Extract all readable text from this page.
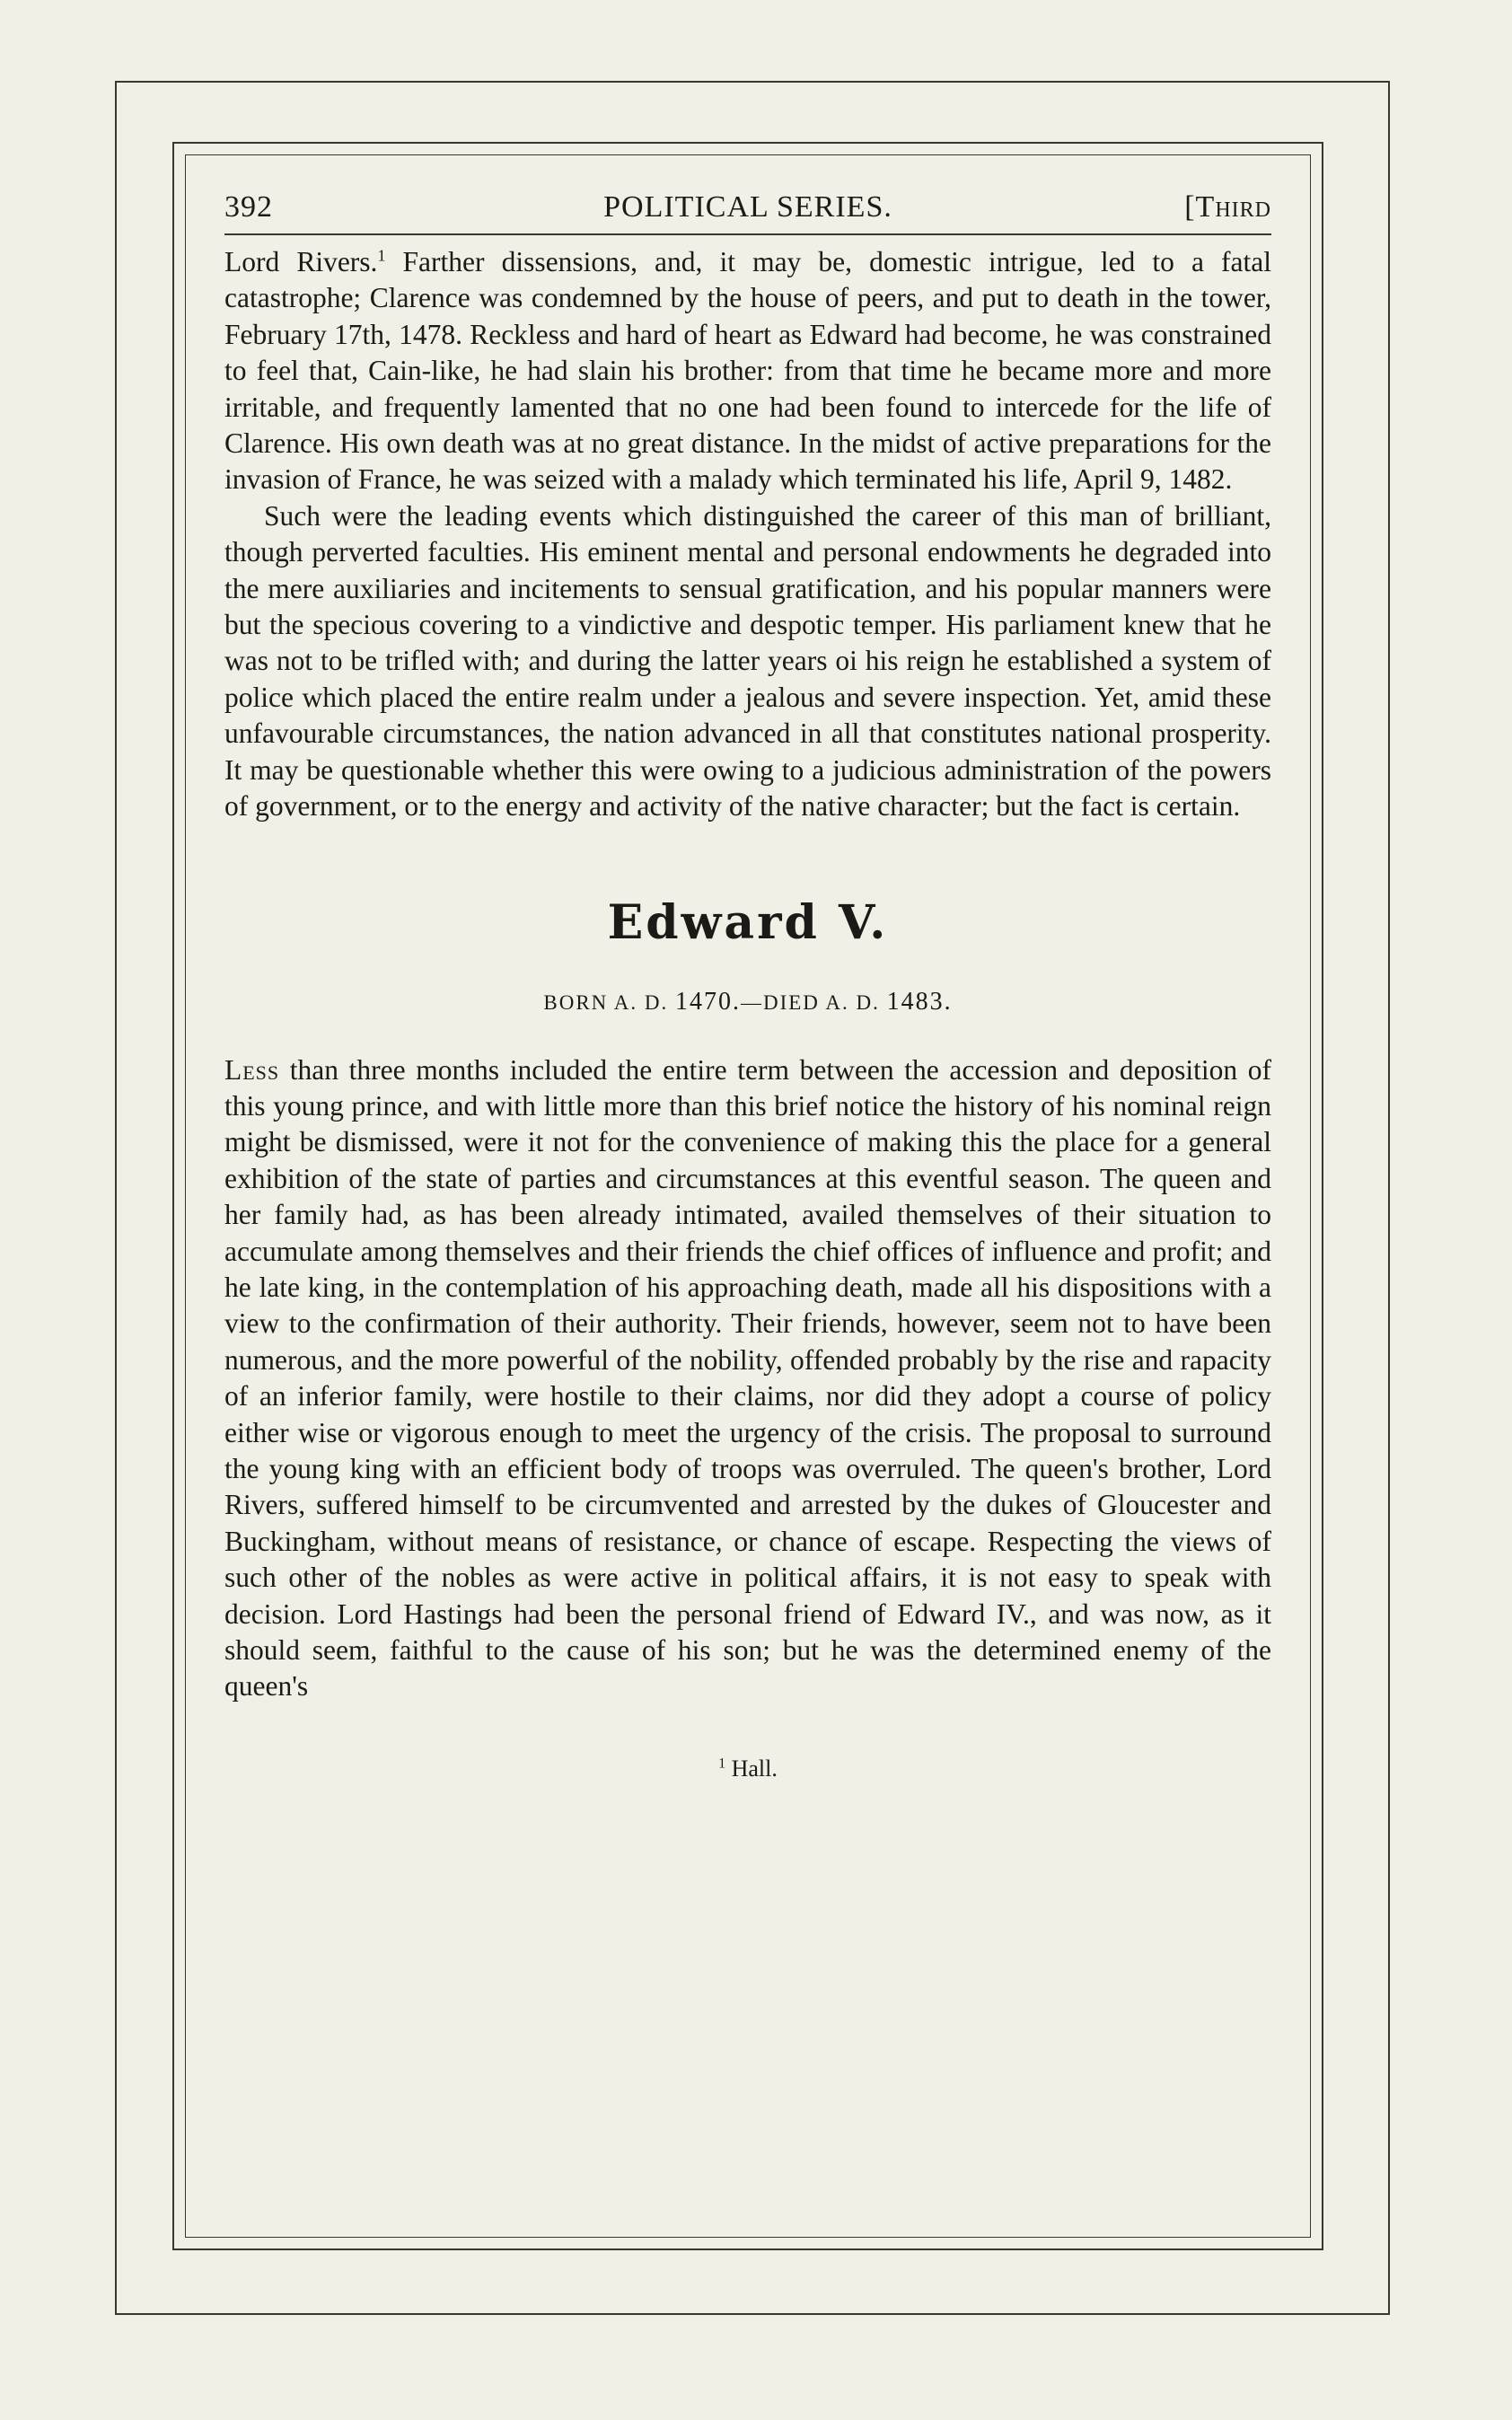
392	POLITICAL SERIES.	[Third

Lord Rivers.$^1$ Farther dissensions, and, it may be, domestic intrigue, led to a fatal catastrophe; Clarence was condemned by the house of peers, and put to death in the tower, February 17th, 1478. Reckless and hard of heart as Edward had become, he was constrained to feel that, Cain-like, he had slain his brother: from that time he became more and more irritable, and frequently lamented that no one had been found to intercede for the life of Clarence. His own death was at no great distance. In the midst of active preparations for the invasion of France, he was seized with a malady which terminated his life, April 9, 1482.

Such were the leading events which distinguished the career of this man of brilliant, though perverted faculties. His eminent mental and personal endowments he degraded into the mere auxiliaries and incitements to sensual gratification, and his popular manners were but the specious covering to a vindictive and despotic temper. His parliament knew that he was not to be trifled with; and during the latter years oi his reign he established a system of police which placed the entire realm under a jealous and severe inspection. Yet, amid these unfavourable circumstances, the nation advanced in all that constitutes national prosperity. It may be questionable whether this were owing to a judicious administration of the powers of government, or to the energy and activity of the native character; but the fact is certain.

Edward V.
BORN A. D. 1470.—DIED A. D. 1483.

Less than three months included the entire term between the accession and deposition of this young prince, and with little more than this brief notice the history of his nominal reign might be dismissed, were it not for the convenience of making this the place for a general exhibition of the state of parties and circumstances at this eventful season. The queen and her family had, as has been already intimated, availed themselves of their situation to accumulate among themselves and their friends the chief offices of influence and profit; and he late king, in the contemplation of his approaching death, made all his dispositions with a view to the confirmation of their authority. Their friends, however, seem not to have been numerous, and the more powerful of the nobility, offended probably by the rise and rapacity of an inferior family, were hostile to their claims, nor did they adopt a course of policy either wise or vigorous enough to meet the urgency of the crisis. The proposal to surround the young king with an efficient body of troops was overruled. The queen's brother, Lord Rivers, suffered himself to be circumvented and arrested by the dukes of Gloucester and Buckingham, without means of resistance, or chance of escape. Respecting the views of such other of the nobles as were active in political affairs, it is not easy to speak with decision. Lord Hastings had been the personal friend of Edward IV., and was now, as it should seem, faithful to the cause of his son; but he was the determined enemy of the queen's

$^1$ Hall.
